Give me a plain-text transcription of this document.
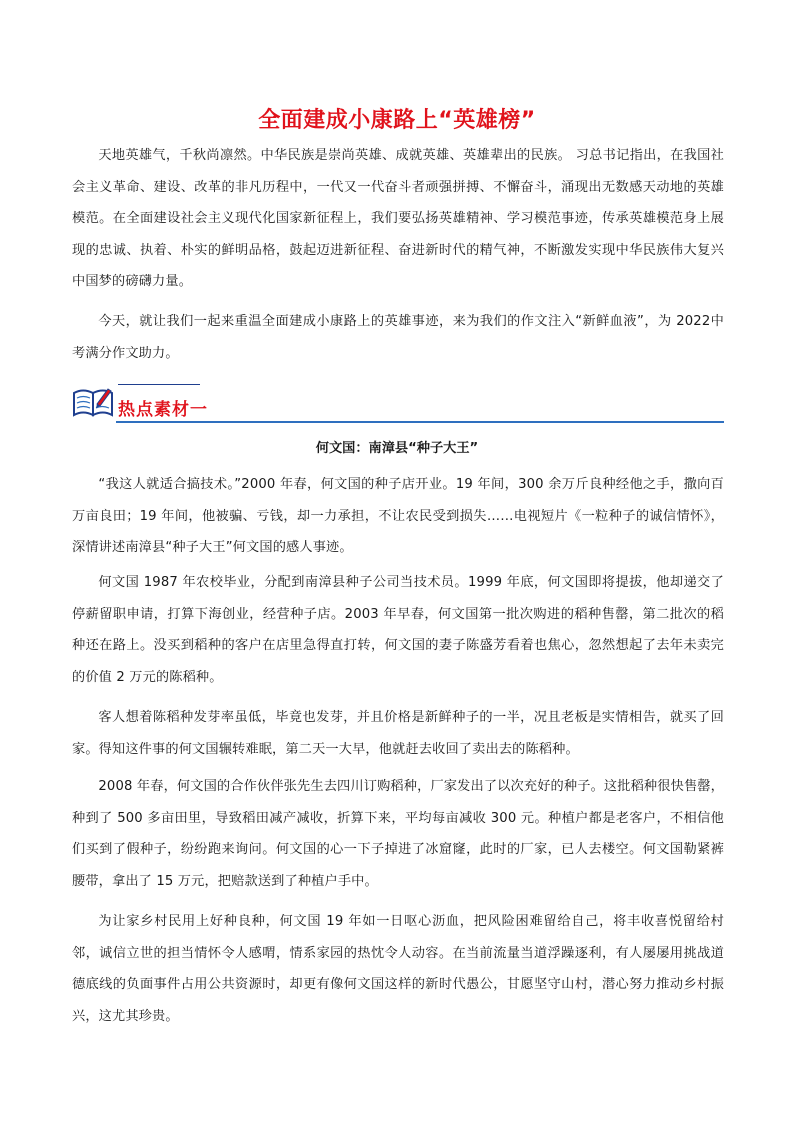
全面建成小康路上“英雄榜”

天地英雄气，千秋尚凛然。中华民族是崇尚英雄、成就英雄、英雄辈出的民族。 习总书记指出，在我国社会主义革命、建设、改革的非凡历程中，一代又一代奋斗者顽强拼搏、不懈奋斗，涌现出无数感天动地的英雄模范。在全面建设社会主义现代化国家新征程上，我们要弘扬英雄精神、学习模范事迹，传承英雄模范身上展现的忠诚、执着、朴实的鲜明品格，鼓起迈进新征程、奋进新时代的精气神，不断激发实现中华民族伟大复兴中国梦的磅礴力量。

今天，就让我们一起来重温全面建成小康路上的英雄事迹，来为我们的作文注入“新鲜血液”，为 2022中考满分作文助力。

热点素材一
何文国：南漳县“种子大王”

“我这人就适合搞技术。”2000 年春，何文国的种子店开业。19 年间，300 余万斤良种经他之手，撒向百万亩良田；19 年间，他被骗、亏钱，却一力承担，不让农民受到损失……电视短片《一粒种子的诚信情怀》，深情讲述南漳县“种子大王”何文国的感人事迹。

何文国 1987 年农校毕业，分配到南漳县种子公司当技术员。1999 年底，何文国即将提拔，他却递交了停薪留职申请，打算下海创业，经营种子店。2003 年早春，何文国第一批次购进的稻种售罄，第二批次的稻种还在路上。没买到稻种的客户在店里急得直打转，何文国的妻子陈盛芳看着也焦心，忽然想起了去年未卖完的价值 2 万元的陈稻种。

客人想着陈稻种发芽率虽低，毕竟也发芽，并且价格是新鲜种子的一半，况且老板是实情相告，就买了回家。得知这件事的何文国辗转难眠，第二天一大早，他就赶去收回了卖出去的陈稻种。

2008 年春，何文国的合作伙伴张先生去四川订购稻种，厂家发出了以次充好的种子。这批稻种很快售罄，种到了 500 多亩田里，导致稻田减产减收，折算下来，平均每亩减收 300 元。种植户都是老客户，不相信他们买到了假种子，纷纷跑来询问。何文国的心一下子掉进了冰窟窿，此时的厂家，已人去楼空。何文国勒紧裤腰带，拿出了 15 万元，把赔款送到了种植户手中。

为让家乡村民用上好种良种，何文国 19 年如一日呕心沥血，把风险困难留给自己，将丰收喜悦留给村邻，诚信立世的担当情怀令人感喟，情系家园的热忱令人动容。在当前流量当道浮躁逐利，有人屡屡用挑战道德底线的负面事件占用公共资源时，却更有像何文国这样的新时代愚公，甘愿坚守山村，潜心努力推动乡村振兴，这尤其珍贵。
